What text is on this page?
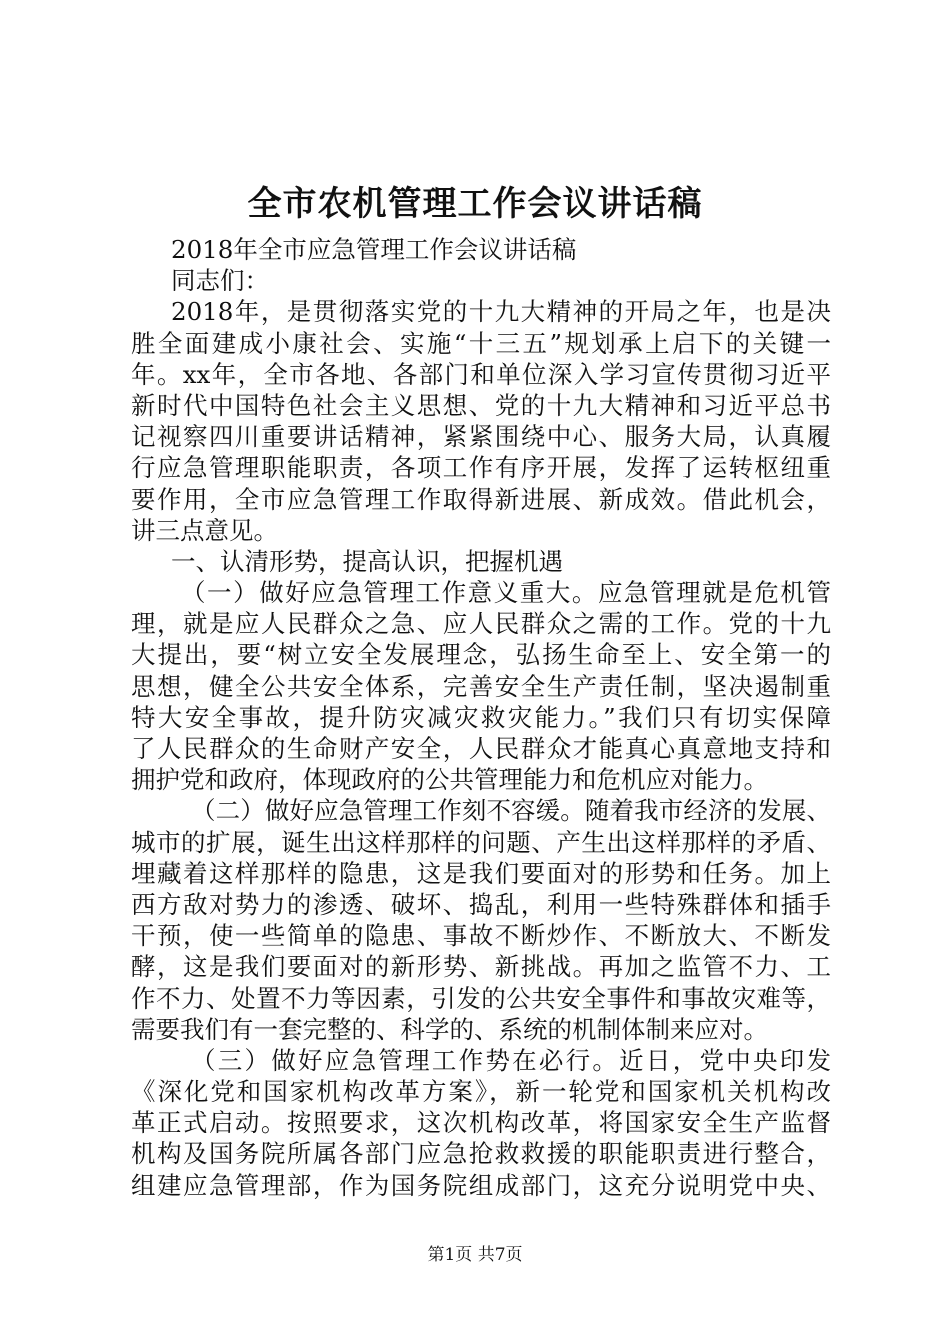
全市农机管理工作会议讲话稿
2018年全市应急管理工作会议讲话稿
同志们：
2018年，是贯彻落实党的十九大精神的开局之年，也是决
胜全面建成小康社会、实施“十三五”规划承上启下的关键一
年。xx年，全市各地、各部门和单位深入学习宣传贯彻习近平
新时代中国特色社会主义思想、党的十九大精神和习近平总书
记视察四川重要讲话精神，紧紧围绕中心、服务大局，认真履
行应急管理职能职责，各项工作有序开展，发挥了运转枢纽重
要作用，全市应急管理工作取得新进展、新成效。借此机会，
讲三点意见。
一、认清形势，提高认识，把握机遇
（一）做好应急管理工作意义重大。应急管理就是危机管
理，就是应人民群众之急、应人民群众之需的工作。党的十九
大提出，要“树立安全发展理念，弘扬生命至上、安全第一的
思想，健全公共安全体系，完善安全生产责任制，坚决遏制重
特大安全事故，提升防灾减灾救灾能力。”我们只有切实保障
了人民群众的生命财产安全，人民群众才能真心真意地支持和
拥护党和政府，体现政府的公共管理能力和危机应对能力。
（二）做好应急管理工作刻不容缓。随着我市经济的发展、
城市的扩展，诞生出这样那样的问题、产生出这样那样的矛盾、
埋藏着这样那样的隐患，这是我们要面对的形势和任务。加上
西方敌对势力的渗透、破坏、捣乱，利用一些特殊群体和插手
干预，使一些简单的隐患、事故不断炒作、不断放大、不断发
酵，这是我们要面对的新形势、新挑战。再加之监管不力、工
作不力、处置不力等因素，引发的公共安全事件和事故灾难等，
需要我们有一套完整的、科学的、系统的机制体制来应对。
（三）做好应急管理工作势在必行。近日，党中央印发
《深化党和国家机构改革方案》，新一轮党和国家机关机构改
革正式启动。按照要求，这次机构改革，将国家安全生产监督
机构及国务院所属各部门应急抢救救援的职能职责进行整合，
组建应急管理部，作为国务院组成部门，这充分说明党中央、
第1页 共7页
